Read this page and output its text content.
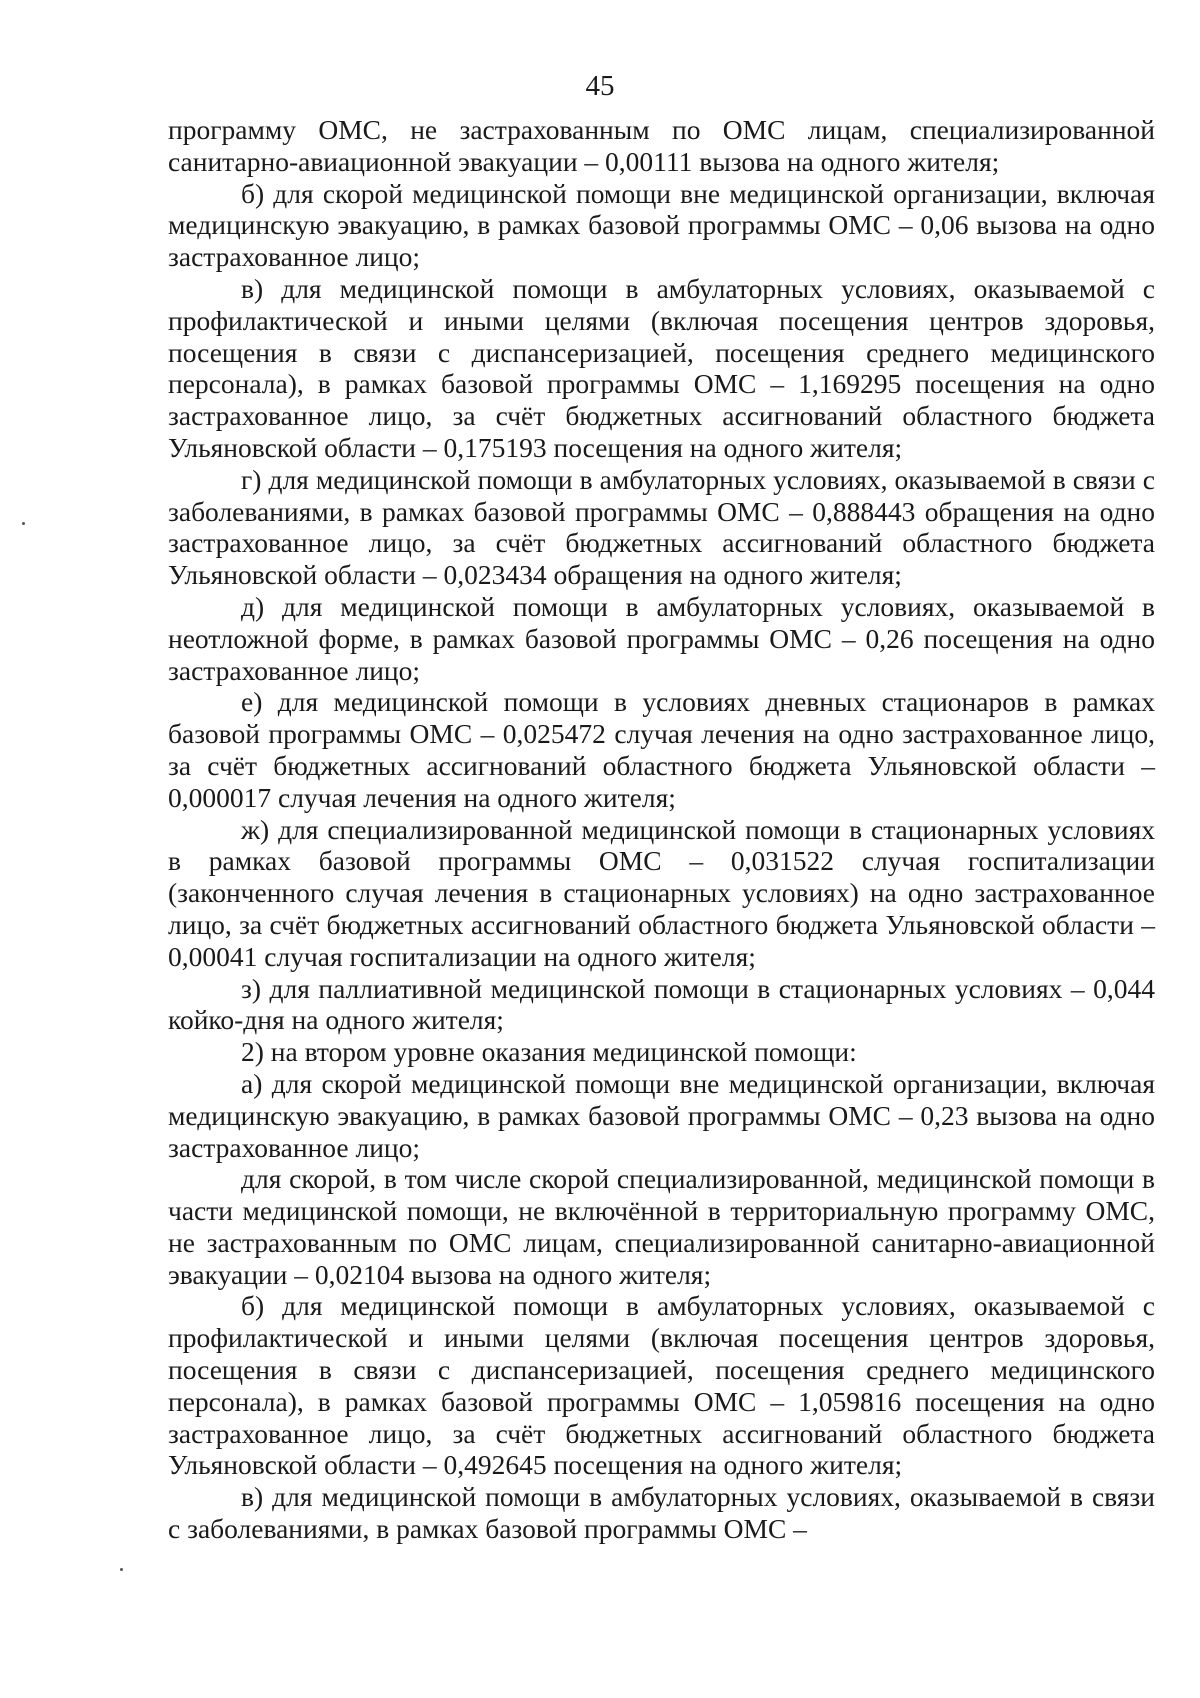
45

программу ОМС, не застрахованным по ОМС лицам, специализированной санитарно-авиационной эвакуации – 0,00111 вызова на одного жителя;

б) для скорой медицинской помощи вне медицинской организации, включая медицинскую эвакуацию, в рамках базовой программы ОМС – 0,06 вызова на одно застрахованное лицо;

в) для медицинской помощи в амбулаторных условиях, оказываемой с профилактической и иными целями (включая посещения центров здоровья, посещения в связи с диспансеризацией, посещения среднего медицинского персонала), в рамках базовой программы ОМС – 1,169295 посещения на одно застрахованное лицо, за счёт бюджетных ассигнований областного бюджета Ульяновской области – 0,175193 посещения на одного жителя;

г) для медицинской помощи в амбулаторных условиях, оказываемой в связи с заболеваниями, в рамках базовой программы ОМС – 0,888443 обращения на одно застрахованное лицо, за счёт бюджетных ассигнований областного бюджета Ульяновской области – 0,023434 обращения на одного жителя;

д) для медицинской помощи в амбулаторных условиях, оказываемой в неотложной форме, в рамках базовой программы ОМС – 0,26 посещения на одно застрахованное лицо;

е) для медицинской помощи в условиях дневных стационаров в рамках базовой программы ОМС – 0,025472 случая лечения на одно застрахованное лицо, за счёт бюджетных ассигнований областного бюджета Ульяновской области – 0,000017 случая лечения на одного жителя;

ж) для специализированной медицинской помощи в стационарных условиях в рамках базовой программы ОМС – 0,031522 случая госпитализации (законченного случая лечения в стационарных условиях) на одно застрахованное лицо, за счёт бюджетных ассигнований областного бюджета Ульяновской области – 0,00041 случая госпитализации на одного жителя;

з) для паллиативной медицинской помощи в стационарных условиях – 0,044 койко-дня на одного жителя;

2) на втором уровне оказания медицинской помощи:

а) для скорой медицинской помощи вне медицинской организации, включая медицинскую эвакуацию, в рамках базовой программы ОМС – 0,23 вызова на одно застрахованное лицо;

для скорой, в том числе скорой специализированной, медицинской помощи в части медицинской помощи, не включённой в территориальную программу ОМС, не застрахованным по ОМС лицам, специализированной санитарно-авиационной эвакуации – 0,02104 вызова на одного жителя;

б) для медицинской помощи в амбулаторных условиях, оказываемой с профилактической и иными целями (включая посещения центров здоровья, посещения в связи с диспансеризацией, посещения среднего медицинского персонала), в рамках базовой программы ОМС – 1,059816 посещения на одно застрахованное лицо, за счёт бюджетных ассигнований областного бюджета Ульяновской области – 0,492645 посещения на одного жителя;

в) для медицинской помощи в амбулаторных условиях, оказываемой в связи с заболеваниями, в рамках базовой программы ОМС –
